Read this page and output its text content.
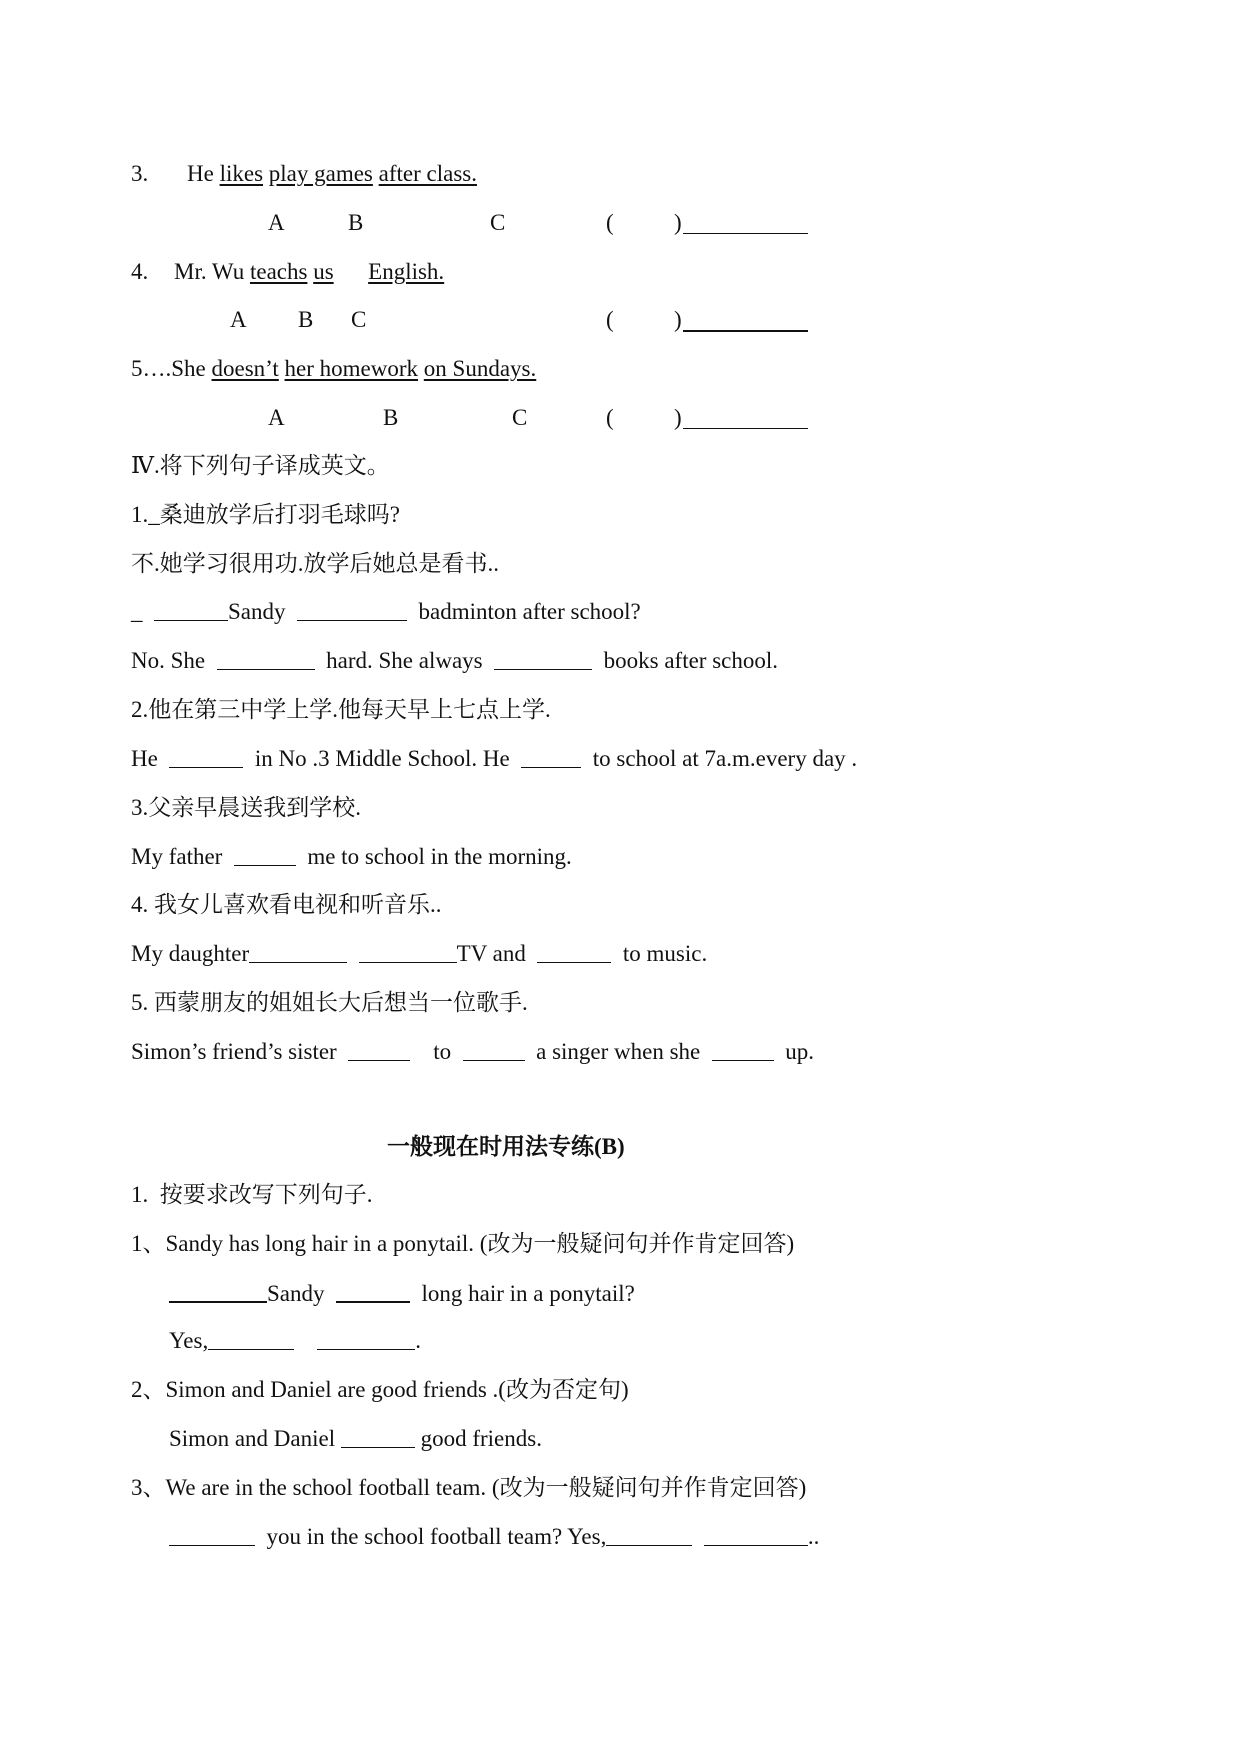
3. He likes play games after class.
A	B	C	(	)
4. Mr. Wu teachs us English.
A B C	(	)
5….She doesn’t her homework on Sundays.
A	B	C	(	)
Ⅳ.将下列句子译成英文。
1._桑迪放学后打羽毛球吗?
不.她学习很用功.放学后她总是看书..
_	Sandy	badminton after school?
No. She	hard. She always	books after school.
2.他在第三中学上学.他每天早上七点上学.
He	in No .3 Middle School. He	to school at 7a.m.every day .
3.父亲早晨送我到学校.
My father	me to school in the morning.
4. 我女儿喜欢看电视和听音乐..
My daughter	TV and	to music.
5. 西蒙朋友的姐姐长大后想当一位歌手.
Simon’s friend’s sister	to	a singer when she	up.
一般现在时用法专练(B)
1.  按要求改写下列句子.
1、Sandy has long hair in a ponytail. (改为一般疑问句并作肯定回答)
Sandy	long hair in a ponytail?
Yes,	.
2、Simon and Daniel are good friends .(改为否定句)
Simon and Daniel	good friends.
3、We are in the school football team. (改为一般疑问句并作肯定回答)
you in the school football team? Yes,	..
